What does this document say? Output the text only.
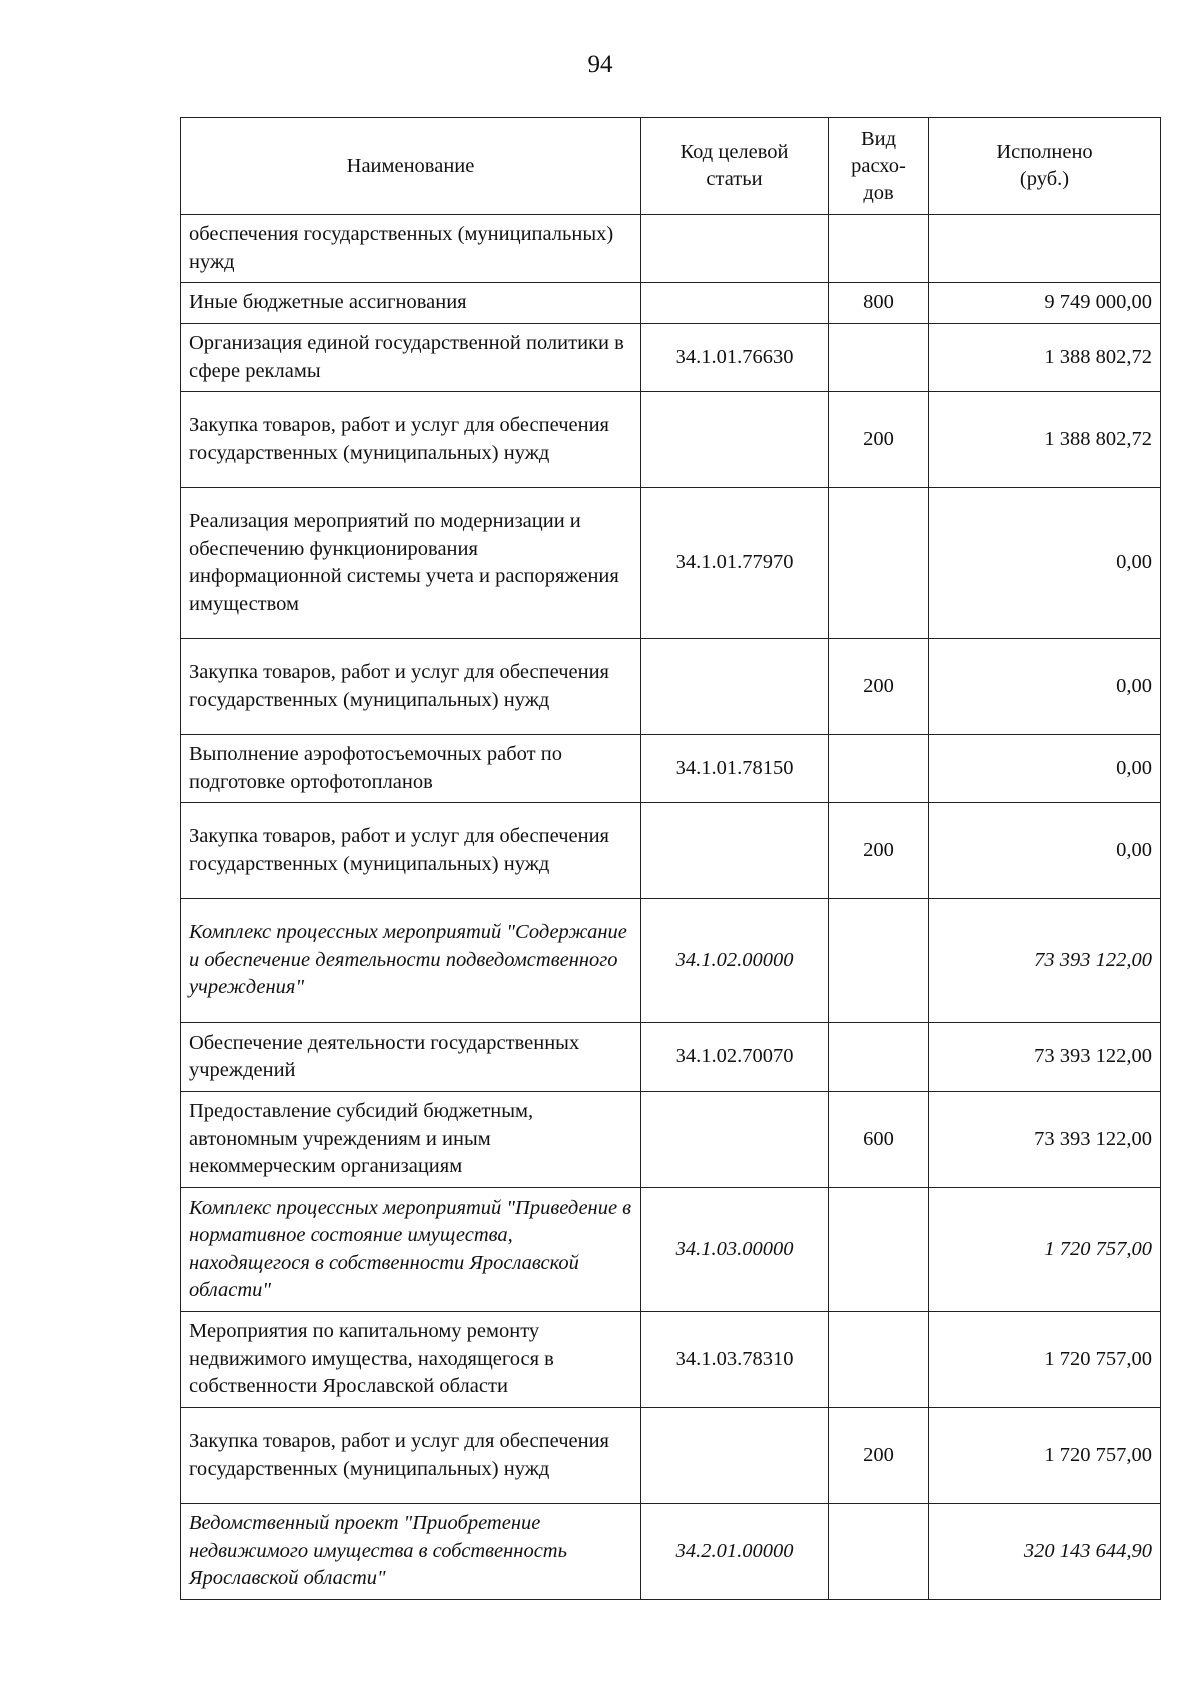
94
Наименование	Код целевой статьи	Вид расхо-дов	Исполнено (руб.)

обеспечения государственных (муниципальных) нужд			
Иные бюджетные ассигнования		800	9 749 000,00
Организация единой государственной политики в сфере рекламы	34.1.01.76630		1 388 802,72
Закупка товаров, работ и услуг для обеспечения государственных (муниципальных) нужд		200	1 388 802,72
Реализация мероприятий по модернизации и обеспечению функционирования информационной системы учета и распоряжения имуществом	34.1.01.77970		0,00
Закупка товаров, работ и услуг для обеспечения государственных (муниципальных) нужд		200	0,00
Выполнение аэрофотосъемочных работ по подготовке ортофотопланов	34.1.01.78150		0,00
Закупка товаров, работ и услуг для обеспечения государственных (муниципальных) нужд		200	0,00
Комплекс процессных мероприятий "Содержание и обеспечение деятельности подведомственного учреждения"	34.1.02.00000		73 393 122,00
Обеспечение деятельности государственных учреждений	34.1.02.70070		73 393 122,00
Предоставление субсидий бюджетным, автономным учреждениям и иным некоммерческим организациям		600	73 393 122,00
Комплекс процессных мероприятий "Приведение в нормативное состояние имущества, находящегося в собственности Ярославской области"	34.1.03.00000		1 720 757,00
Мероприятия по капитальному ремонту недвижимого имущества, находящегося в собственности Ярославской области	34.1.03.78310		1 720 757,00
Закупка товаров, работ и услуг для обеспечения государственных (муниципальных) нужд		200	1 720 757,00
Ведомственный проект "Приобретение недвижимого имущества в собственность Ярославской области"	34.2.01.00000		320 143 644,90
